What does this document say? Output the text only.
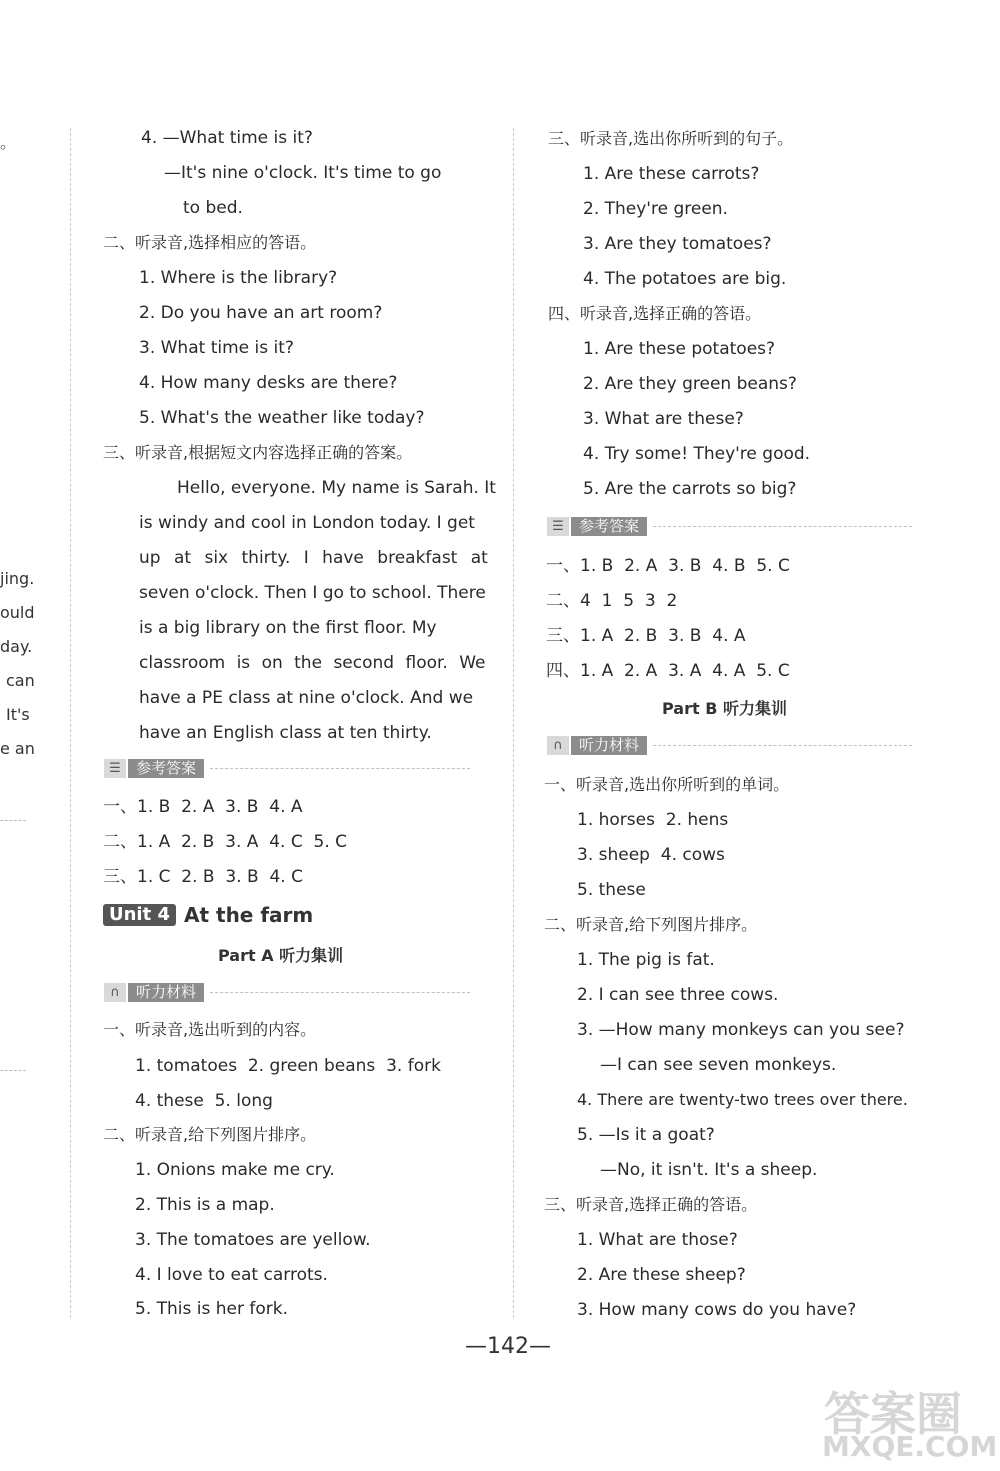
。
jing.
ould
day.
can
It's
e an
4. —What time is it?
—It's nine o'clock. It's time to go
to bed.
二、听录音,选择相应的答语。
1. Where is the library?
2. Do you have an art room?
3. What time is it?
4. How many desks are there?
5. What's the weather like today?
三、听录音,根据短文内容选择正确的答案。
Hello, everyone. My name is Sarah. It
is windy and cool in London today. I get
up at six thirty. I have breakfast at
seven o'clock. Then I go to school. There
is a big library on the first floor. My
classroom is on the second floor. We
have a PE class at nine o'clock. And we
have an English class at ten thirty.
☰	参考答案
一、1. B  2. A  3. B  4. A
二、1. A  2. B  3. A  4. C  5. C
三、1. C  2. B  3. B  4. C
Unit 4 At the farm
Part A 听力集训
∩	听力材料
一、听录音,选出听到的内容。
1. tomatoes  2. green beans  3. fork
4. these  5. long
二、听录音,给下列图片排序。
1. Onions make me cry.
2. This is a map.
3. The tomatoes are yellow.
4. I love to eat carrots.
5. This is her fork.
三、听录音,选出你所听到的句子。
1. Are these carrots?
2. They're green.
3. Are they tomatoes?
4. The potatoes are big.
四、听录音,选择正确的答语。
1. Are these potatoes?
2. Are they green beans?
3. What are these?
4. Try some! They're good.
5. Are the carrots so big?
☰	参考答案
一、1. B  2. A  3. B  4. B  5. C
二、4  1  5  3  2
三、1. A  2. B  3. B  4. A
四、1. A  2. A  3. A  4. A  5. C
Part B 听力集训
∩	听力材料
一、听录音,选出你所听到的单词。
1. horses  2. hens
3. sheep  4. cows
5. these
二、听录音,给下列图片排序。
1. The pig is fat.
2. I can see three cows.
3. —How many monkeys can you see?
—I can see seven monkeys.
4. There are twenty-two trees over there.
5. —Is it a goat?
—No, it isn't. It's a sheep.
三、听录音,选择正确的答语。
1. What are those?
2. Are these sheep?
3. How many cows do you have?
—142—
答案圈
MXQE.COM
